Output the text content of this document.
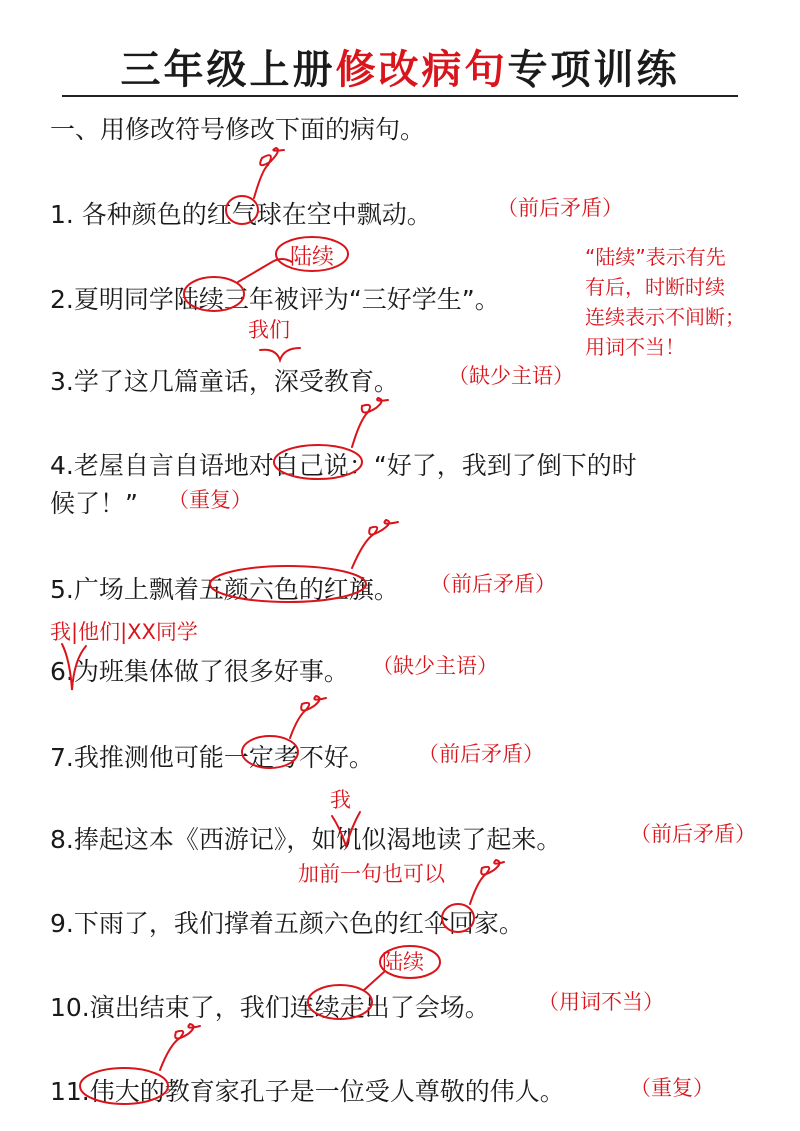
三年级上册修改病句专项训练
一、用修改符号修改下面的病句。
1. 各种颜色的红气球在空中飘动。	（前后矛盾）
2.夏明同学陆续三年被评为“三好学生”。
陆续
3.学了这几篇童话，深受教育。 （缺少主语）
我们
4.老屋自言自语地对自己说：“好了，我到了倒下的时
候了！” （重复）
5.广场上飘着五颜六色的红旗。 （前后矛盾）
6.为班集体做了很多好事。 （缺少主语）
我|他们|XX同学
7.我推测他可能一定考不好。 （前后矛盾）
8.捧起这本《西游记》，如饥似渴地读了起来。	（前后矛盾）
我
加前一句也可以
9.下雨了，我们撑着五颜六色的红伞回家。
10.演出结束了，我们连续走出了会场。 （用词不当）
陆续
11.伟大的教育家孔子是一位受人尊敬的伟人。	（重复）
“陆续”表示有先
有后，时断时续
连续表示不间断；
用词不当！
